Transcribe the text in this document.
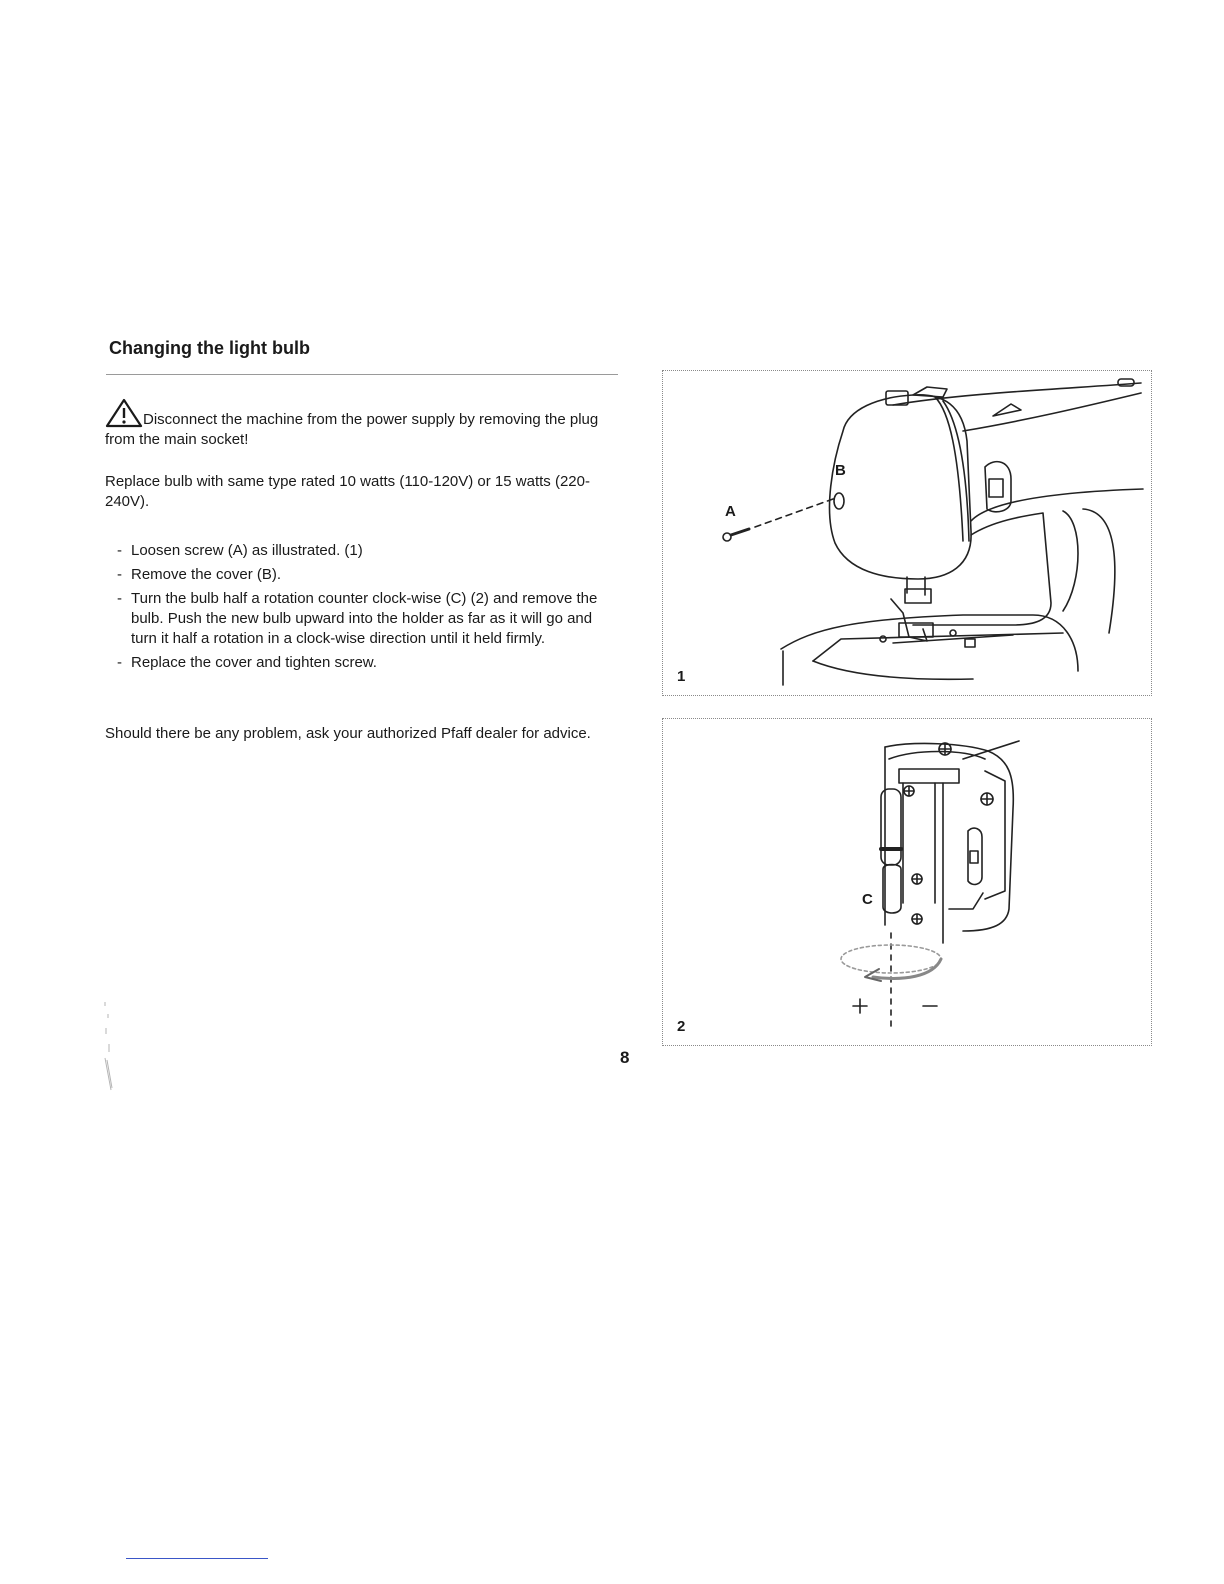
Changing the light bulb
Disconnect the machine from the power supply by removing the plug from the main socket!
Replace bulb with same type rated 10 watts (110-120V) or 15 watts (220-240V).
- Loosen screw (A) as illustrated. (1)
- Remove the cover (B).
- Turn the bulb half a rotation counter clock-wise (C) (2) and remove the bulb. Push the new bulb upward into the holder as far as it will go and turn it half a rotation in a clock-wise direction until it held firmly.
- Replace the cover and tighten screw.
Should there be any problem, ask your authorized Pfaff dealer for advice.
A
B
1
C
2
8
